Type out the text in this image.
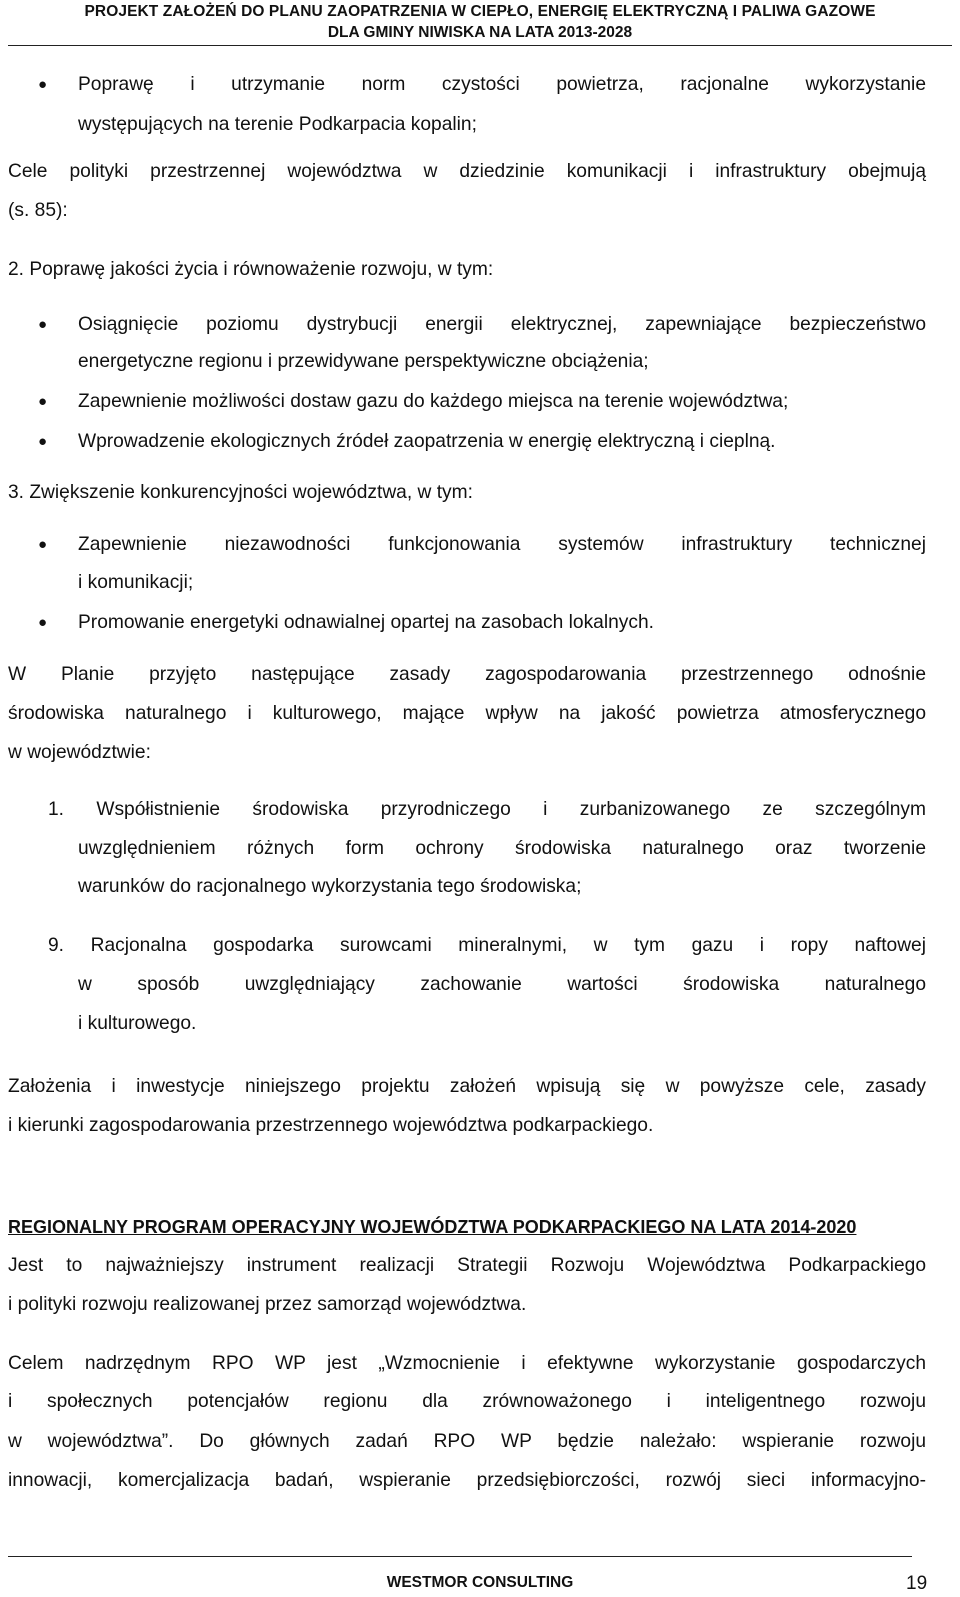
PROJEKT ZAŁOŻEŃ DO PLANU ZAOPATRZENIA W CIEPŁO, ENERGIĘ ELEKTRYCZNĄ I PALIWA GAZOWE
DLA GMINY NIWISKA NA LATA 2013-2028
● Poprawę i utrzymanie norm czystości powietrza, racjonalne wykorzystanie
występujących na terenie Podkarpacia kopalin;
Cele polityki przestrzennej województwa w dziedzinie komunikacji i infrastruktury obejmują
(s. 85):
2. Poprawę jakości życia i równoważenie rozwoju, w tym:
● Osiągnięcie poziomu dystrybucji energii elektrycznej, zapewniające bezpieczeństwo
energetyczne regionu i przewidywane perspektywiczne obciążenia;
● Zapewnienie możliwości dostaw gazu do każdego miejsca na terenie województwa;
● Wprowadzenie ekologicznych źródeł zaopatrzenia w energię elektryczną i cieplną.
3. Zwiększenie konkurencyjności województwa, w tym:
● Zapewnienie niezawodności funkcjonowania systemów infrastruktury technicznej
i komunikacji;
● Promowanie energetyki odnawialnej opartej na zasobach lokalnych.
W Planie przyjęto następujące zasady zagospodarowania przestrzennego odnośnie
środowiska naturalnego i kulturowego, mające wpływ na jakość powietrza atmosferycznego
w województwie:
1. Współistnienie środowiska przyrodniczego i zurbanizowanego ze szczególnym
uwzględnieniem różnych form ochrony środowiska naturalnego oraz tworzenie
warunków do racjonalnego wykorzystania tego środowiska;
9. Racjonalna gospodarka surowcami mineralnymi, w tym gazu i ropy naftowej
w sposób uwzględniający zachowanie wartości środowiska naturalnego
i kulturowego.
Założenia i inwestycje niniejszego projektu założeń wpisują się w powyższe cele, zasady
i kierunki zagospodarowania przestrzennego województwa podkarpackiego.
REGIONALNY PROGRAM OPERACYJNY WOJEWÓDZTWA PODKARPACKIEGO NA LATA 2014-2020
Jest to najważniejszy instrument realizacji Strategii Rozwoju Województwa Podkarpackiego
i polityki rozwoju realizowanej przez samorząd województwa.
Celem nadrzędnym RPO WP jest „Wzmocnienie i efektywne wykorzystanie gospodarczych
i społecznych potencjałów regionu dla zrównoważonego i inteligentnego rozwoju
w województwa”. Do głównych zadań RPO WP będzie należało: wspieranie rozwoju
innowacji, komercjalizacja badań, wspieranie przedsiębiorczości, rozwój sieci informacyjno-
WESTMOR CONSULTING	19
